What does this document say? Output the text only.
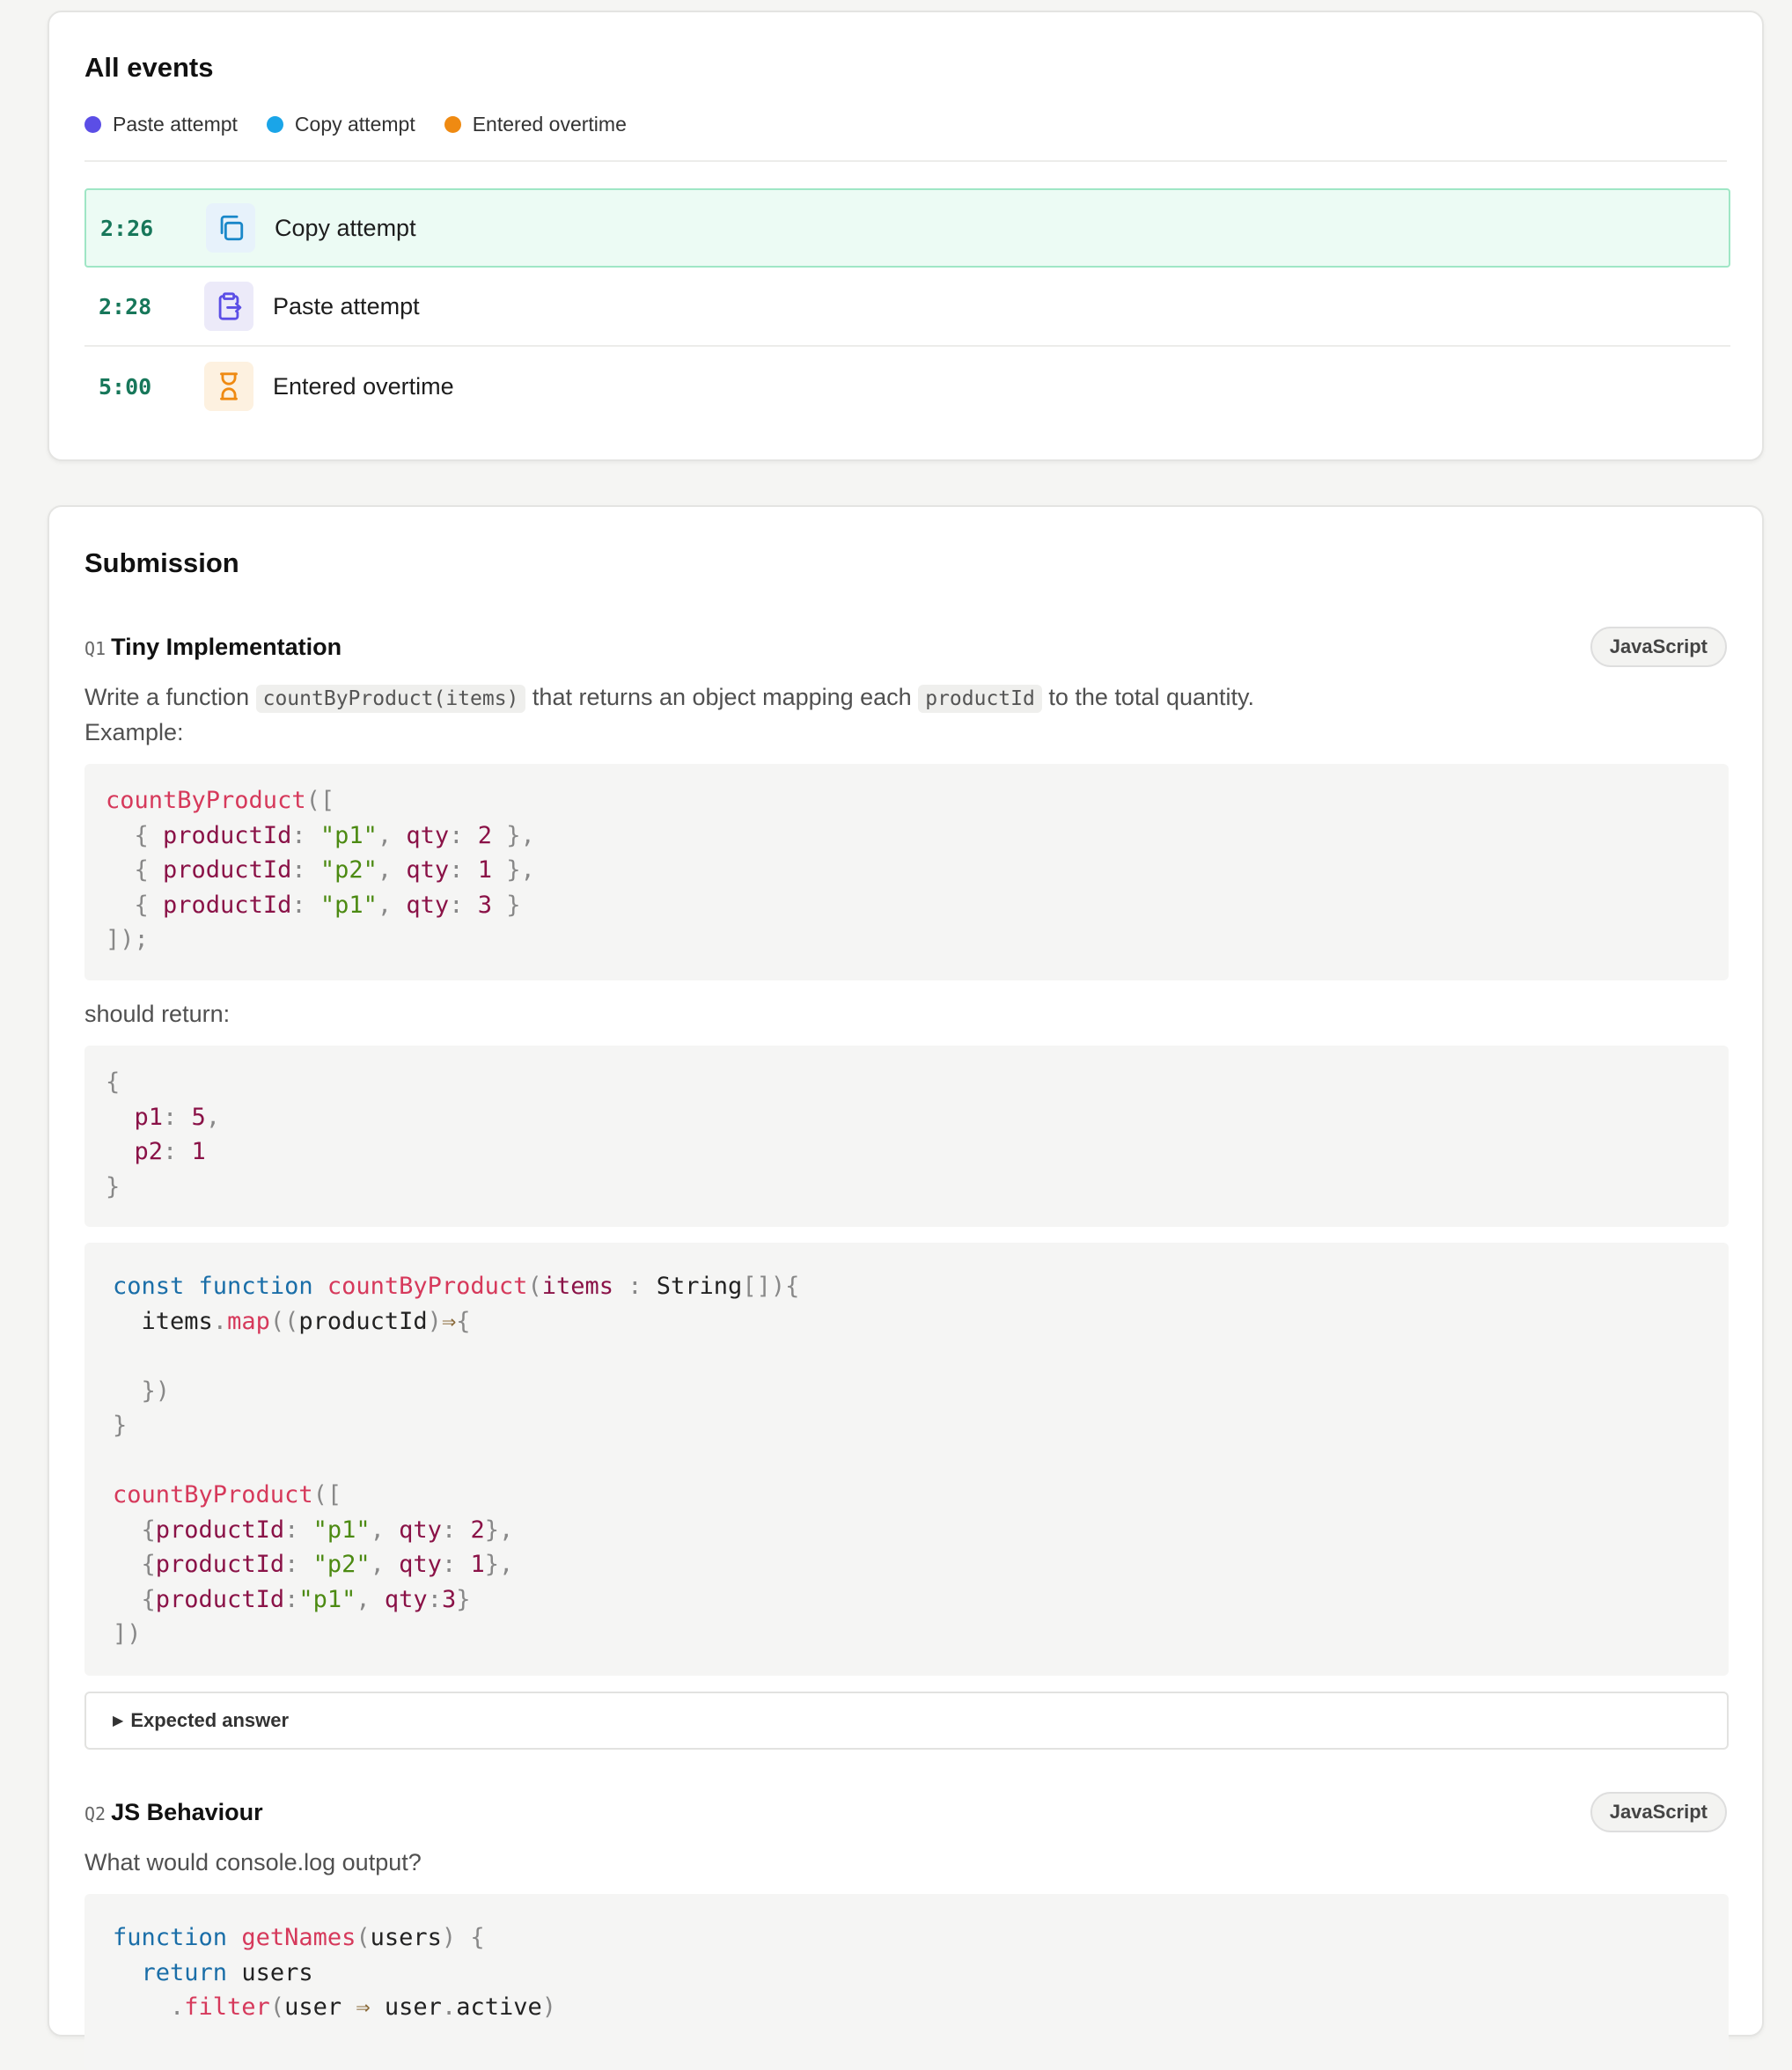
All events
Paste attempt	Copy attempt	Entered overtime
2:26	Copy attempt
2:28	Paste attempt
5:00	Entered overtime
Submission
Q1 Tiny Implementation	JavaScript
Write a function countByProduct(items) that returns an object mapping each productId to the total quantity.
Example:
countByProduct([
{ productId: "p1", qty: 2 },
{ productId: "p2", qty: 1 },
{ productId: "p1", qty: 3 }
]);
should return:
{
p1: 5,
p2: 1
}
const function countByProduct(items : String[]){
items.map((productId)⇒{

})
}

countByProduct([
{productId: "p1", qty: 2},
{productId: "p2", qty: 1},
{productId:"p1", qty:3}
])
▶ Expected answer
Q2 JS Behaviour	JavaScript
What would console.log output?
function getNames(users) {
return users
.filter(user ⇒ user.active)
